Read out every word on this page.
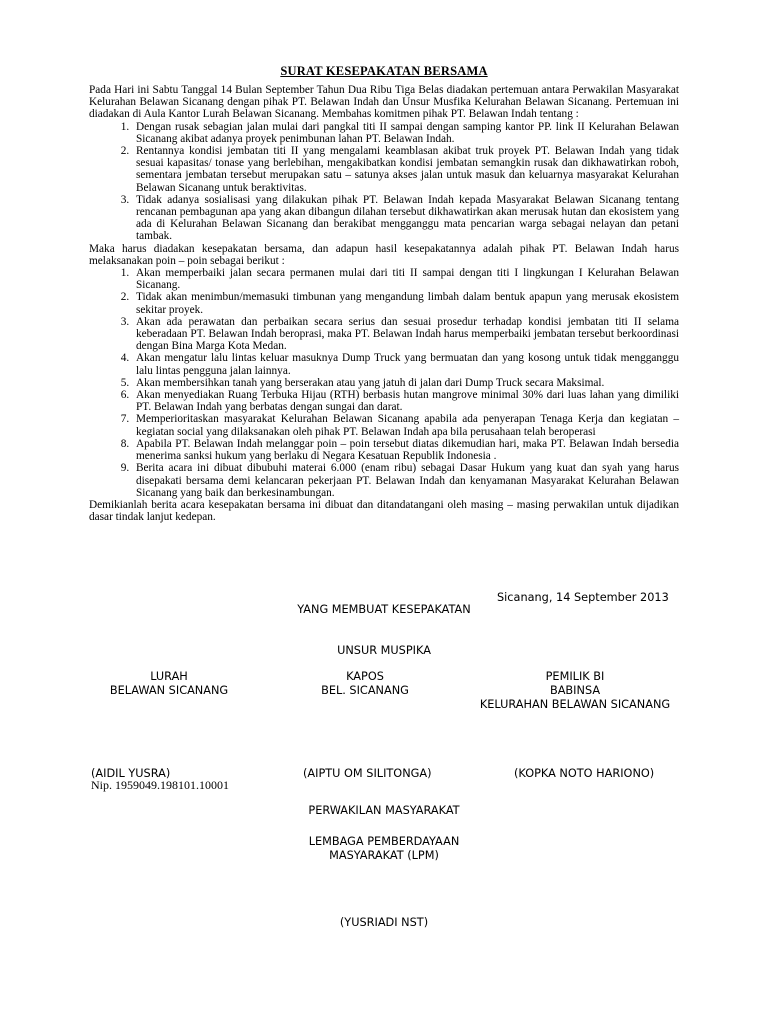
SURAT KESEPAKATAN BERSAMA

Pada Hari ini Sabtu Tanggal 14 Bulan September Tahun Dua Ribu Tiga Belas diadakan pertemuan antara Perwakilan Masyarakat Kelurahan Belawan Sicanang dengan pihak PT. Belawan Indah dan Unsur Musfika Kelurahan Belawan Sicanang. Pertemuan ini diadakan di Aula Kantor Lurah Belawan Sicanang. Membahas komitmen pihak PT. Belawan Indah tentang :

1. Dengan rusak sebagian jalan mulai dari pangkal titi II sampai dengan samping kantor PP. link II Kelurahan Belawan Sicanang akibat adanya proyek penimbunan lahan PT. Belawan Indah.
2. Rentannya kondisi jembatan titi II yang mengalami keamblasan akibat truk proyek PT. Belawan Indah yang tidak sesuai kapasitas/ tonase yang berlebihan, mengakibatkan kondisi jembatan semangkin rusak dan dikhawatirkan roboh, sementara jembatan tersebut merupakan satu – satunya akses jalan untuk masuk dan keluarnya masyarakat Kelurahan Belawan Sicanang untuk beraktivitas.
3. Tidak adanya sosialisasi yang dilakukan pihak PT. Belawan Indah kepada Masyarakat Belawan Sicanang tentang rencanan pembagunan apa yang akan dibangun dilahan tersebut dikhawatirkan akan merusak hutan dan ekosistem yang ada di Kelurahan Belawan Sicanang dan berakibat mengganggu mata pencarian warga sebagai nelayan dan petani tambak.

Maka harus diadakan kesepakatan bersama, dan adapun hasil kesepakatannya adalah pihak PT. Belawan Indah harus melaksanakan poin – poin sebagai berikut :

1. Akan memperbaiki jalan secara permanen mulai dari titi II sampai dengan titi I lingkungan I Kelurahan Belawan Sicanang.
2. Tidak akan menimbun/memasuki timbunan yang mengandung limbah dalam bentuk apapun yang merusak ekosistem sekitar proyek.
3. Akan ada perawatan dan perbaikan secara serius dan sesuai prosedur terhadap kondisi jembatan titi II selama keberadaan PT. Belawan Indah beroprasi, maka PT. Belawan Indah harus memperbaiki jembatan tersebut berkoordinasi dengan Bina Marga Kota Medan.
4. Akan mengatur lalu lintas keluar masuknya Dump Truck yang bermuatan dan yang kosong untuk tidak mengganggu lalu lintas pengguna jalan lainnya.
5. Akan membersihkan tanah yang berserakan atau yang jatuh di jalan dari Dump Truck secara Maksimal.
6. Akan menyediakan Ruang Terbuka Hijau (RTH) berbasis hutan mangrove minimal 30% dari luas lahan yang dimiliki PT. Belawan Indah yang berbatas dengan sungai dan darat.
7. Memperioritaskan masyarakat Kelurahan Belawan Sicanang apabila ada penyerapan Tenaga Kerja dan kegiatan – kegiatan social yang dilaksanakan oleh pihak PT. Belawan Indah apa bila perusahaan telah beroperasi
8. Apabila PT. Belawan Indah melanggar poin – poin tersebut diatas dikemudian hari, maka PT. Belawan Indah bersedia menerima sanksi hukum yang berlaku di Negara Kesatuan Republik Indonesia .
9. Berita acara ini dibuat dibubuhi materai 6.000 (enam ribu) sebagai Dasar Hukum yang kuat dan syah yang harus disepakati bersama demi kelancaran pekerjaan PT. Belawan Indah dan kenyamanan Masyarakat Kelurahan Belawan Sicanang yang baik dan berkesinambungan.

Demikianlah berita acara kesepakatan bersama ini dibuat dan ditandatangani oleh masing – masing perwakilan untuk dijadikan dasar tindak lanjut kedepan.

Sicanang, 14 September 2013
YANG MEMBUAT KESEPAKATAN
UNSUR MUSPIKA
LURAH
BELAWAN SICANANG
(AIDIL YUSRA)
Nip. 1959049.198101.10001
KAPOS
BEL. SICANANG
(AIPTU OM SILITONGA)
PEMILIK BI
BABINSA
KELURAHAN BELAWAN SICANANG
(KOPKA NOTO HARIONO)
PERWAKILAN MASYARAKAT
LEMBAGA PEMBERDAYAAN
MASYARAKAT (LPM)
(YUSRIADI NST)
